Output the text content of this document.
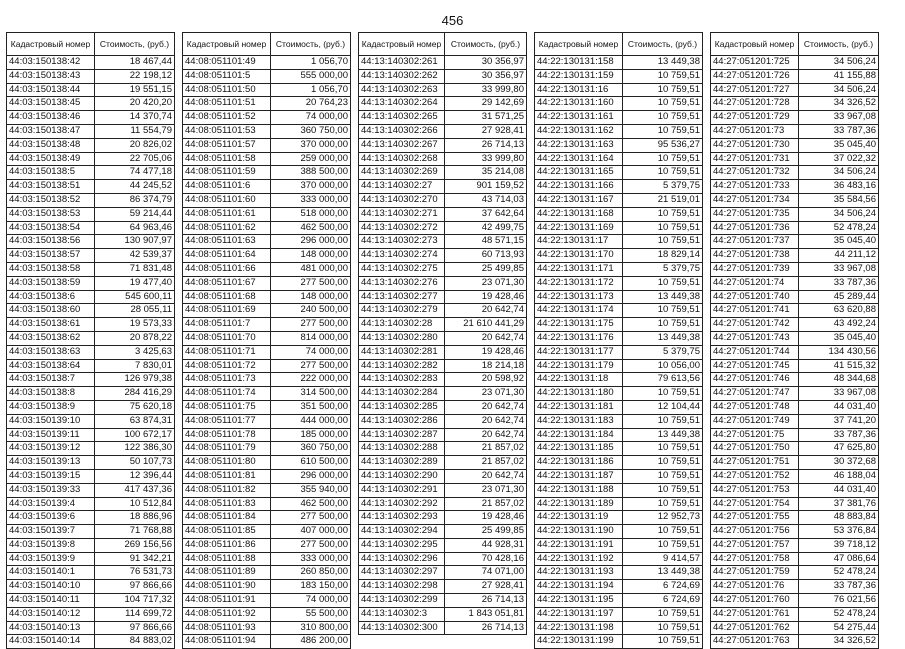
456
Кадастровый номер	Стоимость, (руб.)
44:03:150138:42	18 467,44
44:03:150138:43	22 198,12
44:03:150138:44	19 551,15
44:03:150138:45	20 420,20
44:03:150138:46	14 370,74
44:03:150138:47	11 554,79
44:03:150138:48	20 826,02
44:03:150138:49	22 705,06
44:03:150138:5	74 477,18
44:03:150138:51	44 245,52
44:03:150138:52	86 374,79
44:03:150138:53	59 214,44
44:03:150138:54	64 963,46
44:03:150138:56	130 907,97
44:03:150138:57	42 539,37
44:03:150138:58	71 831,48
44:03:150138:59	19 477,40
44:03:150138:6	545 600,11
44:03:150138:60	28 055,11
44:03:150138:61	19 573,33
44:03:150138:62	20 878,22
44:03:150138:63	3 425,63
44:03:150138:64	7 830,01
44:03:150138:7	126 979,38
44:03:150138:8	284 416,29
44:03:150138:9	75 620,18
44:03:150139:10	63 874,31
44:03:150139:11	100 672,17
44:03:150139:12	122 386,30
44:03:150139:13	50 107,73
44:03:150139:15	12 396,44
44:03:150139:33	417 437,36
44:03:150139:4	10 512,84
44:03:150139:6	18 886,96
44:03:150139:7	71 768,88
44:03:150139:8	269 156,56
44:03:150139:9	91 342,21
44:03:150140:1	76 531,73
44:03:150140:10	97 866,66
44:03:150140:11	104 717,32
44:03:150140:12	114 699,72
44:03:150140:13	97 866,66
44:03:150140:14	84 883,02
Кадастровый номер	Стоимость, (руб.)
44:08:051101:49	1 056,70
44:08:051101:5	555 000,00
44:08:051101:50	1 056,70
44:08:051101:51	20 764,23
44:08:051101:52	74 000,00
44:08:051101:53	360 750,00
44:08:051101:57	370 000,00
44:08:051101:58	259 000,00
44:08:051101:59	388 500,00
44:08:051101:6	370 000,00
44:08:051101:60	333 000,00
44:08:051101:61	518 000,00
44:08:051101:62	462 500,00
44:08:051101:63	296 000,00
44:08:051101:64	148 000,00
44:08:051101:66	481 000,00
44:08:051101:67	277 500,00
44:08:051101:68	148 000,00
44:08:051101:69	240 500,00
44:08:051101:7	277 500,00
44:08:051101:70	814 000,00
44:08:051101:71	74 000,00
44:08:051101:72	277 500,00
44:08:051101:73	222 000,00
44:08:051101:74	314 500,00
44:08:051101:75	351 500,00
44:08:051101:77	444 000,00
44:08:051101:78	185 000,00
44:08:051101:79	360 750,00
44:08:051101:80	610 500,00
44:08:051101:81	296 000,00
44:08:051101:82	355 940,00
44:08:051101:83	462 500,00
44:08:051101:84	277 500,00
44:08:051101:85	407 000,00
44:08:051101:86	277 500,00
44:08:051101:88	333 000,00
44:08:051101:89	260 850,00
44:08:051101:90	183 150,00
44:08:051101:91	74 000,00
44:08:051101:92	55 500,00
44:08:051101:93	310 800,00
44:08:051101:94	486 200,00
Кадастровый номер	Стоимость, (руб.)
44:13:140302:261	30 356,97
44:13:140302:262	30 356,97
44:13:140302:263	33 999,80
44:13:140302:264	29 142,69
44:13:140302:265	31 571,25
44:13:140302:266	27 928,41
44:13:140302:267	26 714,13
44:13:140302:268	33 999,80
44:13:140302:269	35 214,08
44:13:140302:27	901 159,52
44:13:140302:270	43 714,03
44:13:140302:271	37 642,64
44:13:140302:272	42 499,75
44:13:140302:273	48 571,15
44:13:140302:274	60 713,93
44:13:140302:275	25 499,85
44:13:140302:276	23 071,30
44:13:140302:277	19 428,46
44:13:140302:279	20 642,74
44:13:140302:28	21 610 441,29
44:13:140302:280	20 642,74
44:13:140302:281	19 428,46
44:13:140302:282	18 214,18
44:13:140302:283	20 598,92
44:13:140302:284	23 071,30
44:13:140302:285	20 642,74
44:13:140302:286	20 642,74
44:13:140302:287	20 642,74
44:13:140302:288	21 857,02
44:13:140302:289	21 857,02
44:13:140302:290	20 642,74
44:13:140302:291	23 071,30
44:13:140302:292	21 857,02
44:13:140302:293	19 428,46
44:13:140302:294	25 499,85
44:13:140302:295	44 928,31
44:13:140302:296	70 428,16
44:13:140302:297	74 071,00
44:13:140302:298	27 928,41
44:13:140302:299	26 714,13
44:13:140302:3	1 843 051,81
44:13:140302:300	26 714,13
Кадастровый номер	Стоимость, (руб.)
44:22:130131:158	13 449,38
44:22:130131:159	10 759,51
44:22:130131:16	10 759,51
44:22:130131:160	10 759,51
44:22:130131:161	10 759,51
44:22:130131:162	10 759,51
44:22:130131:163	95 536,27
44:22:130131:164	10 759,51
44:22:130131:165	10 759,51
44:22:130131:166	5 379,75
44:22:130131:167	21 519,01
44:22:130131:168	10 759,51
44:22:130131:169	10 759,51
44:22:130131:17	10 759,51
44:22:130131:170	18 829,14
44:22:130131:171	5 379,75
44:22:130131:172	10 759,51
44:22:130131:173	13 449,38
44:22:130131:174	10 759,51
44:22:130131:175	10 759,51
44:22:130131:176	13 449,38
44:22:130131:177	5 379,75
44:22:130131:179	10 056,00
44:22:130131:18	79 613,56
44:22:130131:180	10 759,51
44:22:130131:181	12 104,44
44:22:130131:183	10 759,51
44:22:130131:184	13 449,38
44:22:130131:185	10 759,51
44:22:130131:186	10 759,51
44:22:130131:187	10 759,51
44:22:130131:188	10 759,51
44:22:130131:189	10 759,51
44:22:130131:19	12 952,73
44:22:130131:190	10 759,51
44:22:130131:191	10 759,51
44:22:130131:192	9 414,57
44:22:130131:193	13 449,38
44:22:130131:194	6 724,69
44:22:130131:195	6 724,69
44:22:130131:197	10 759,51
44:22:130131:198	10 759,51
44:22:130131:199	10 759,51
Кадастровый номер	Стоимость, (руб.)
44:27:051201:725	34 506,24
44:27:051201:726	41 155,88
44:27:051201:727	34 506,24
44:27:051201:728	34 326,52
44:27:051201:729	33 967,08
44:27:051201:73	33 787,36
44:27:051201:730	35 045,40
44:27:051201:731	37 022,32
44:27:051201:732	34 506,24
44:27:051201:733	36 483,16
44:27:051201:734	35 584,56
44:27:051201:735	34 506,24
44:27:051201:736	52 478,24
44:27:051201:737	35 045,40
44:27:051201:738	44 211,12
44:27:051201:739	33 967,08
44:27:051201:74	33 787,36
44:27:051201:740	45 289,44
44:27:051201:741	63 620,88
44:27:051201:742	43 492,24
44:27:051201:743	35 045,40
44:27:051201:744	134 430,56
44:27:051201:745	41 515,32
44:27:051201:746	48 344,68
44:27:051201:747	33 967,08
44:27:051201:748	44 031,40
44:27:051201:749	37 741,20
44:27:051201:75	33 787,36
44:27:051201:750	47 625,80
44:27:051201:751	30 372,68
44:27:051201:752	46 188,04
44:27:051201:753	44 031,40
44:27:051201:754	37 381,76
44:27:051201:755	48 883,84
44:27:051201:756	53 376,84
44:27:051201:757	39 718,12
44:27:051201:758	47 086,64
44:27:051201:759	52 478,24
44:27:051201:76	33 787,36
44:27:051201:760	76 021,56
44:27:051201:761	52 478,24
44:27:051201:762	54 275,44
44:27:051201:763	34 326,52
